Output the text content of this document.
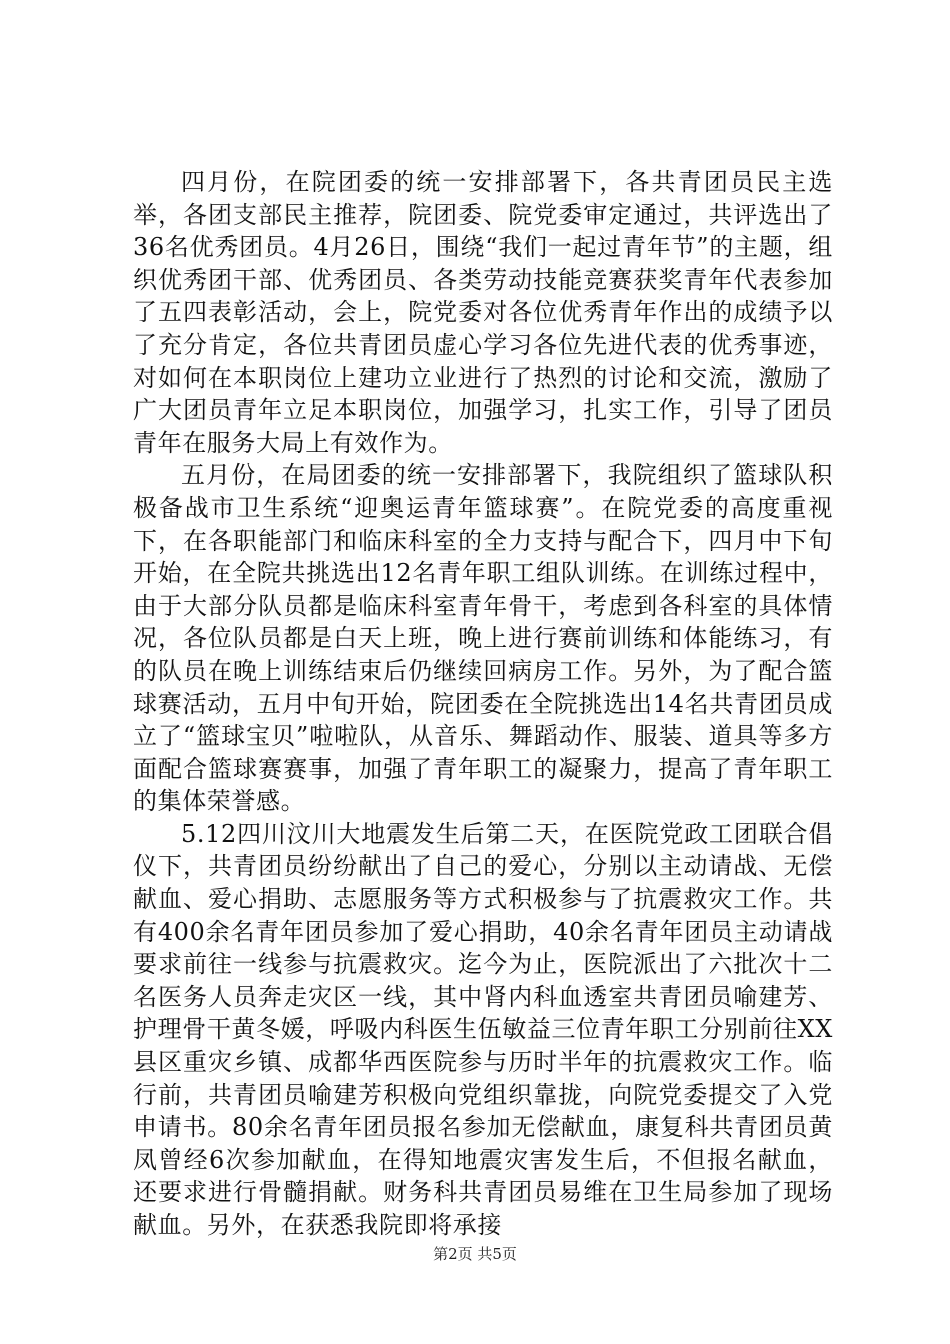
四月份，在院团委的统一安排部署下，各共青团员民主选举，各团支部民主推荐，院团委、院党委审定通过，共评选出了36名优秀团员。4月26日，围绕“我们一起过青年节”的主题，组织优秀团干部、优秀团员、各类劳动技能竞赛获奖青年代表参加了五四表彰活动，会上，院党委对各位优秀青年作出的成绩予以了充分肯定，各位共青团员虚心学习各位先进代表的优秀事迹，对如何在本职岗位上建功立业进行了热烈的讨论和交流，激励了广大团员青年立足本职岗位，加强学习，扎实工作，引导了团员青年在服务大局上有效作为。

五月份，在局团委的统一安排部署下，我院组织了篮球队积极备战市卫生系统“迎奥运青年篮球赛”。在院党委的高度重视下，在各职能部门和临床科室的全力支持与配合下，四月中下旬开始，在全院共挑选出12名青年职工组队训练。在训练过程中，由于大部分队员都是临床科室青年骨干，考虑到各科室的具体情况，各位队员都是白天上班，晚上进行赛前训练和体能练习，有的队员在晚上训练结束后仍继续回病房工作。另外，为了配合篮球赛活动，五月中旬开始，院团委在全院挑选出14名共青团员成立了“篮球宝贝”啦啦队，从音乐、舞蹈动作、服装、道具等多方面配合篮球赛赛事，加强了青年职工的凝聚力，提高了青年职工的集体荣誉感。

5.12四川汶川大地震发生后第二天，在医院党政工团联合倡仪下，共青团员纷纷献出了自己的爱心，分别以主动请战、无偿献血、爱心捐助、志愿服务等方式积极参与了抗震救灾工作。共有400余名青年团员参加了爱心捐助，40余名青年团员主动请战要求前往一线参与抗震救灾。迄今为止，医院派出了六批次十二名医务人员奔走灾区一线，其中肾内科血透室共青团员喻建芳、护理骨干黄冬媛，呼吸内科医生伍敏益三位青年职工分别前往XX县区重灾乡镇、成都华西医院参与历时半年的抗震救灾工作。临行前，共青团员喻建芳积极向党组织靠拢，向院党委提交了入党申请书。80余名青年团员报名参加无偿献血，康复科共青团员黄凤曾经6次参加献血，在得知地震灾害发生后，不但报名献血，还要求进行骨髓捐献。财务科共青团员易维在卫生局参加了现场献血。另外，在获悉我院即将承接

第2页 共5页
